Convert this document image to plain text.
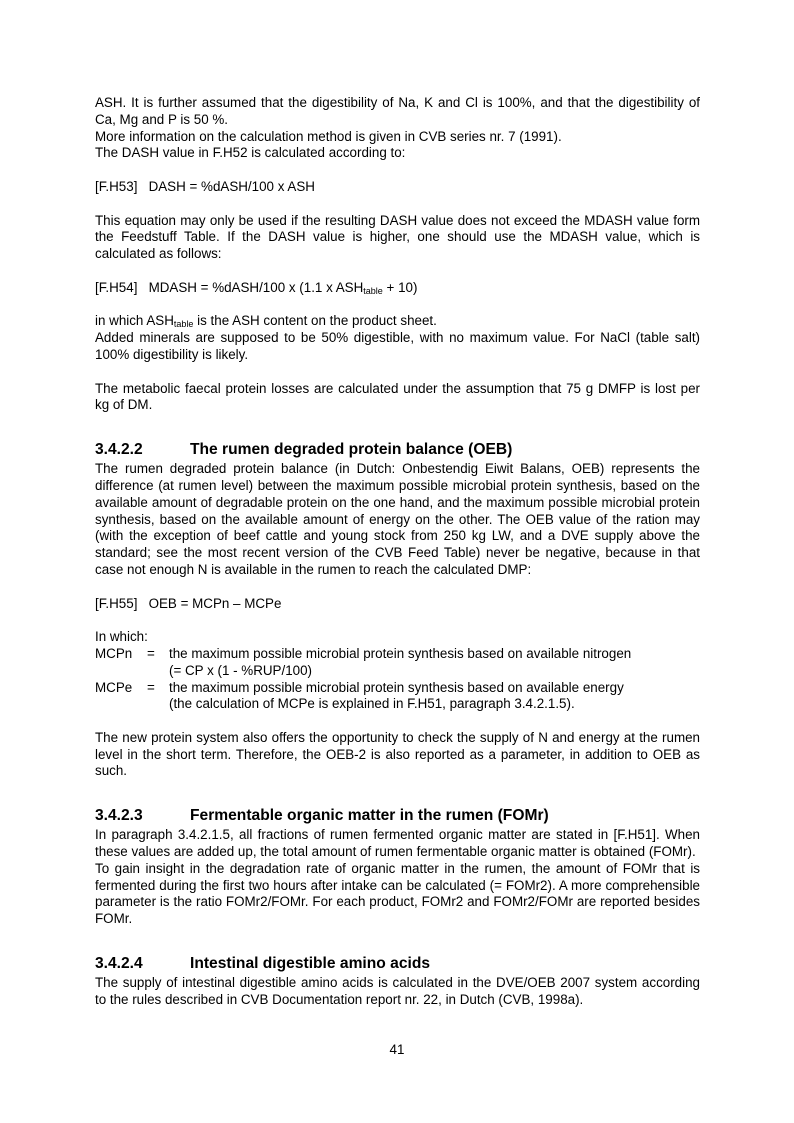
ASH. It is further assumed that the digestibility of Na, K and Cl is 100%, and that the digestibility of Ca, Mg and P is 50 %.

More information on the calculation method is given in CVB series nr. 7 (1991).

The DASH value in F.H52 is calculated according to:

[F.H53]   DASH = %dASH/100 x ASH

This equation may only be used if the resulting DASH value does not exceed the MDASH value form the Feedstuff Table. If the DASH value is higher, one should use the MDASH value, which is calculated as follows:

[F.H54]   MDASH = %dASH/100 x (1.1 x $ASH_{table} + 10$)

in which $ASH_{table}$ is the ASH content on the product sheet.

Added minerals are supposed to be 50% digestible, with no maximum value. For NaCl (table salt) 100% digestibility is likely.

The metabolic faecal protein losses are calculated under the assumption that 75 g DMFP is lost per kg of DM.

3.4.2.2	The rumen degraded protein balance (OEB)

The rumen degraded protein balance (in Dutch: Onbestendig Eiwit Balans, OEB) represents the difference (at rumen level) between the maximum possible microbial protein synthesis, based on the available amount of degradable protein on the one hand, and the maximum possible microbial protein synthesis, based on the available amount of energy on the other. The OEB value of the ration may (with the exception of beef cattle and young stock from 250 kg LW, and a DVE supply above the standard; see the most recent version of the CVB Feed Table) never be negative, because in that case not enough N is available in the rumen to reach the calculated DMP:

[F.H55]   OEB = MCPn – MCPe

In which:

MCPn	=	the maximum possible microbial protein synthesis based on available nitrogen
(= CP x (1 - %RUP/100)

MCPe	=	the maximum possible microbial protein synthesis based on available energy
(the calculation of MCPe is explained in F.H51, paragraph 3.4.2.1.5).

The new protein system also offers the opportunity to check the supply of N and energy at the rumen level in the short term. Therefore, the OEB-2 is also reported as a parameter, in addition to OEB as such.

3.4.2.3	Fermentable organic matter in the rumen (FOMr)

In paragraph 3.4.2.1.5, all fractions of rumen fermented organic matter are stated in [F.H51]. When these values are added up, the total amount of rumen fermentable organic matter is obtained (FOMr).

To gain insight in the degradation rate of organic matter in the rumen, the amount of FOMr that is fermented during the first two hours after intake can be calculated (= FOMr2). A more comprehensible parameter is the ratio FOMr2/FOMr. For each product, FOMr2 and FOMr2/FOMr are reported besides FOMr.

3.4.2.4	Intestinal digestible amino acids

The supply of intestinal digestible amino acids is calculated in the DVE/OEB 2007 system according to the rules described in CVB Documentation report nr. 22, in Dutch (CVB, 1998a).

41
